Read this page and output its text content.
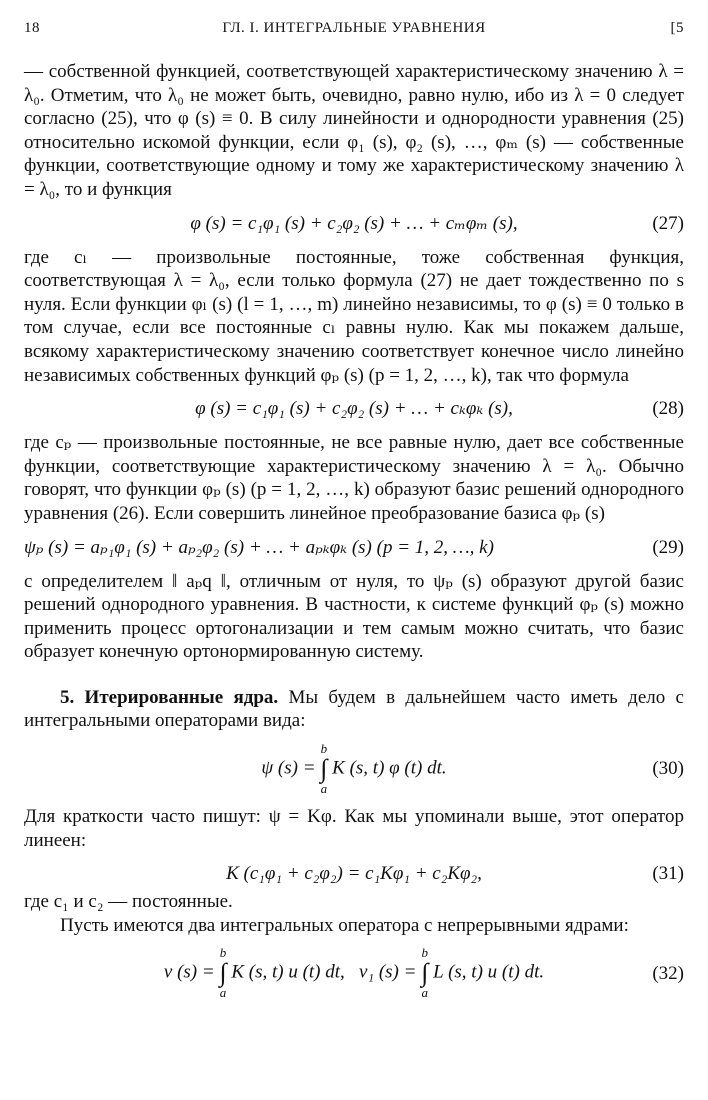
18	ГЛ. I. ИНТЕГРАЛЬНЫЕ УРАВНЕНИЯ	[5

— собственной функцией, соответствующей характеристическому значению λ = λ₀. Отметим, что λ₀ не может быть, очевидно, равно нулю, ибо из λ = 0 следует согласно (25), что φ (s) ≡ 0. В силу линейности и однородности уравнения (25) относительно искомой функции, если φ₁ (s), φ₂ (s), …, φₘ (s) — собственные функции, соответствующие одному и тому же характеристическому значению λ = λ₀, то и функция

φ (s) = c₁φ₁ (s) + c₂φ₂ (s) + … + cₘφₘ (s),	(27)

где cₗ — произвольные постоянные, тоже собственная функция, соответствующая λ = λ₀, если только формула (27) не дает тождественно по s нуля. Если функции φₗ (s) (l = 1, …, m) линейно независимы, то φ (s) ≡ 0 только в том случае, если все постоянные cₗ равны нулю. Как мы покажем дальше, всякому характеристическому значению соответствует конечное число линейно независимых собственных функций φₚ (s) (p = 1, 2, …, k), так что формула

φ (s) = c₁φ₁ (s) + c₂φ₂ (s) + … + cₖφₖ (s),	(28)

где cₚ — произвольные постоянные, не все равные нулю, дает все собственные функции, соответствующие характеристическому значению λ = λ₀. Обычно говорят, что функции φₚ (s) (p = 1, 2, …, k) образуют базис решений однородного уравнения (26). Если совершить линейное преобразование базиса φₚ (s)

ψₚ (s) = aₚ₁φ₁ (s) + aₚ₂φ₂ (s) + … + aₚₖφₖ (s) (p = 1, 2, …, k)	(29)

с определителем ‖ aₚq ‖, отличным от нуля, то ψₚ (s) образуют другой базис решений однородного уравнения. В частности, к системе функций φₚ (s) можно применить процесс ортогонализации и тем самым можно считать, что базис образует конечную ортонормированную систему.

5. Итерированные ядра. Мы будем в дальнейшем часто иметь дело с интегральными операторами вида:

ψ (s) =
b
∫
a
K (s, t) φ (t) dt.	(30)

Для краткости часто пишут: ψ = Kφ. Как мы упоминали выше, этот оператор линеен:

K (c₁φ₁ + c₂φ₂) = c₁Kφ₁ + c₂Kφ₂,	(31)

где c₁ и c₂ — постоянные.

Пусть имеются два интегральных оператора с непрерывными ядрами:

v (s) =
b
∫
a
K (s, t) u (t) dt, v₁ (s) =
b
∫
a
L (s, t) u (t) dt.	(32)
